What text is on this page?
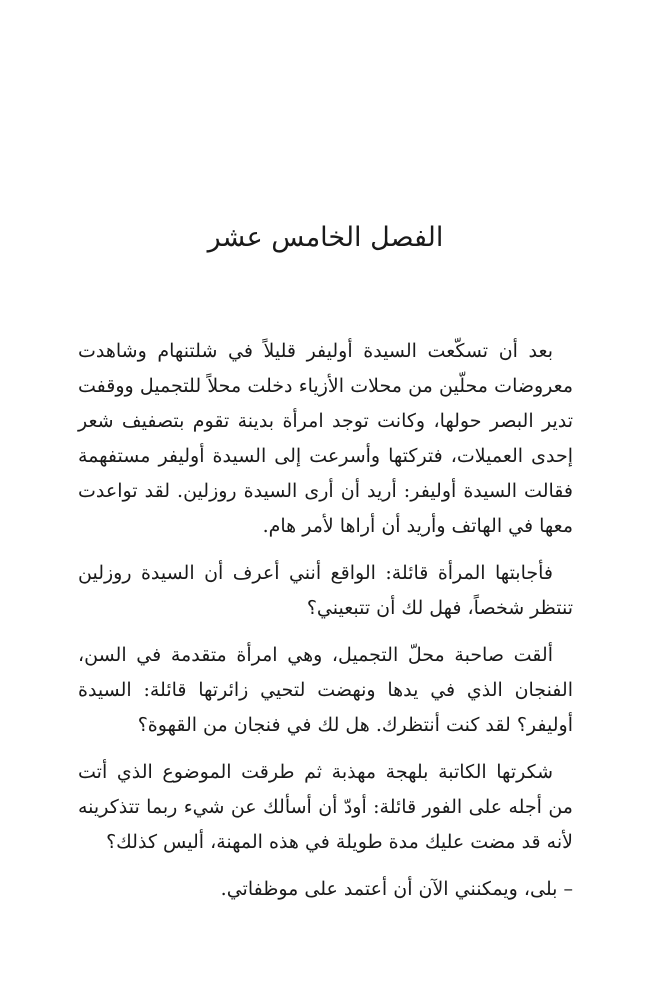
الفصل الخامس عشر

بعد أن تسكّعت السيدة أوليفر قليلاً في شلتنهام وشاهدت معروضات محلّين من محلات الأزياء دخلت محلاً للتجميل ووقفت تدير البصر حولها، وكانت توجد امرأة بدينة تقوم بتصفيف شعر إحدى العميلات، فتركتها وأسرعت إلى السيدة أوليفر مستفهمة فقالت السيدة أوليفر: أريد أن أرى السيدة روزلين. لقد تواعدت معها في الهاتف وأريد أن أراها لأمر هام.

فأجابتها المرأة قائلة: الواقع أنني أعرف أن السيدة روزلين تنتظر شخصاً، فهل لك أن تتبعيني؟

ألقت صاحبة محلّ التجميل، وهي امرأة متقدمة في السن، الفنجان الذي في يدها ونهضت لتحيي زائرتها قائلة: السيدة أوليفر؟ لقد كنت أنتظرك. هل لك في فنجان من القهوة؟

شكرتها الكاتبة بلهجة مهذبة ثم طرقت الموضوع الذي أتت من أجله على الفور قائلة: أودّ أن أسألك عن شيء ربما تتذكرينه لأنه قد مضت عليك مدة طويلة في هذه المهنة، أليس كذلك؟

– بلى، ويمكنني الآن أن أعتمد على موظفاتي.
